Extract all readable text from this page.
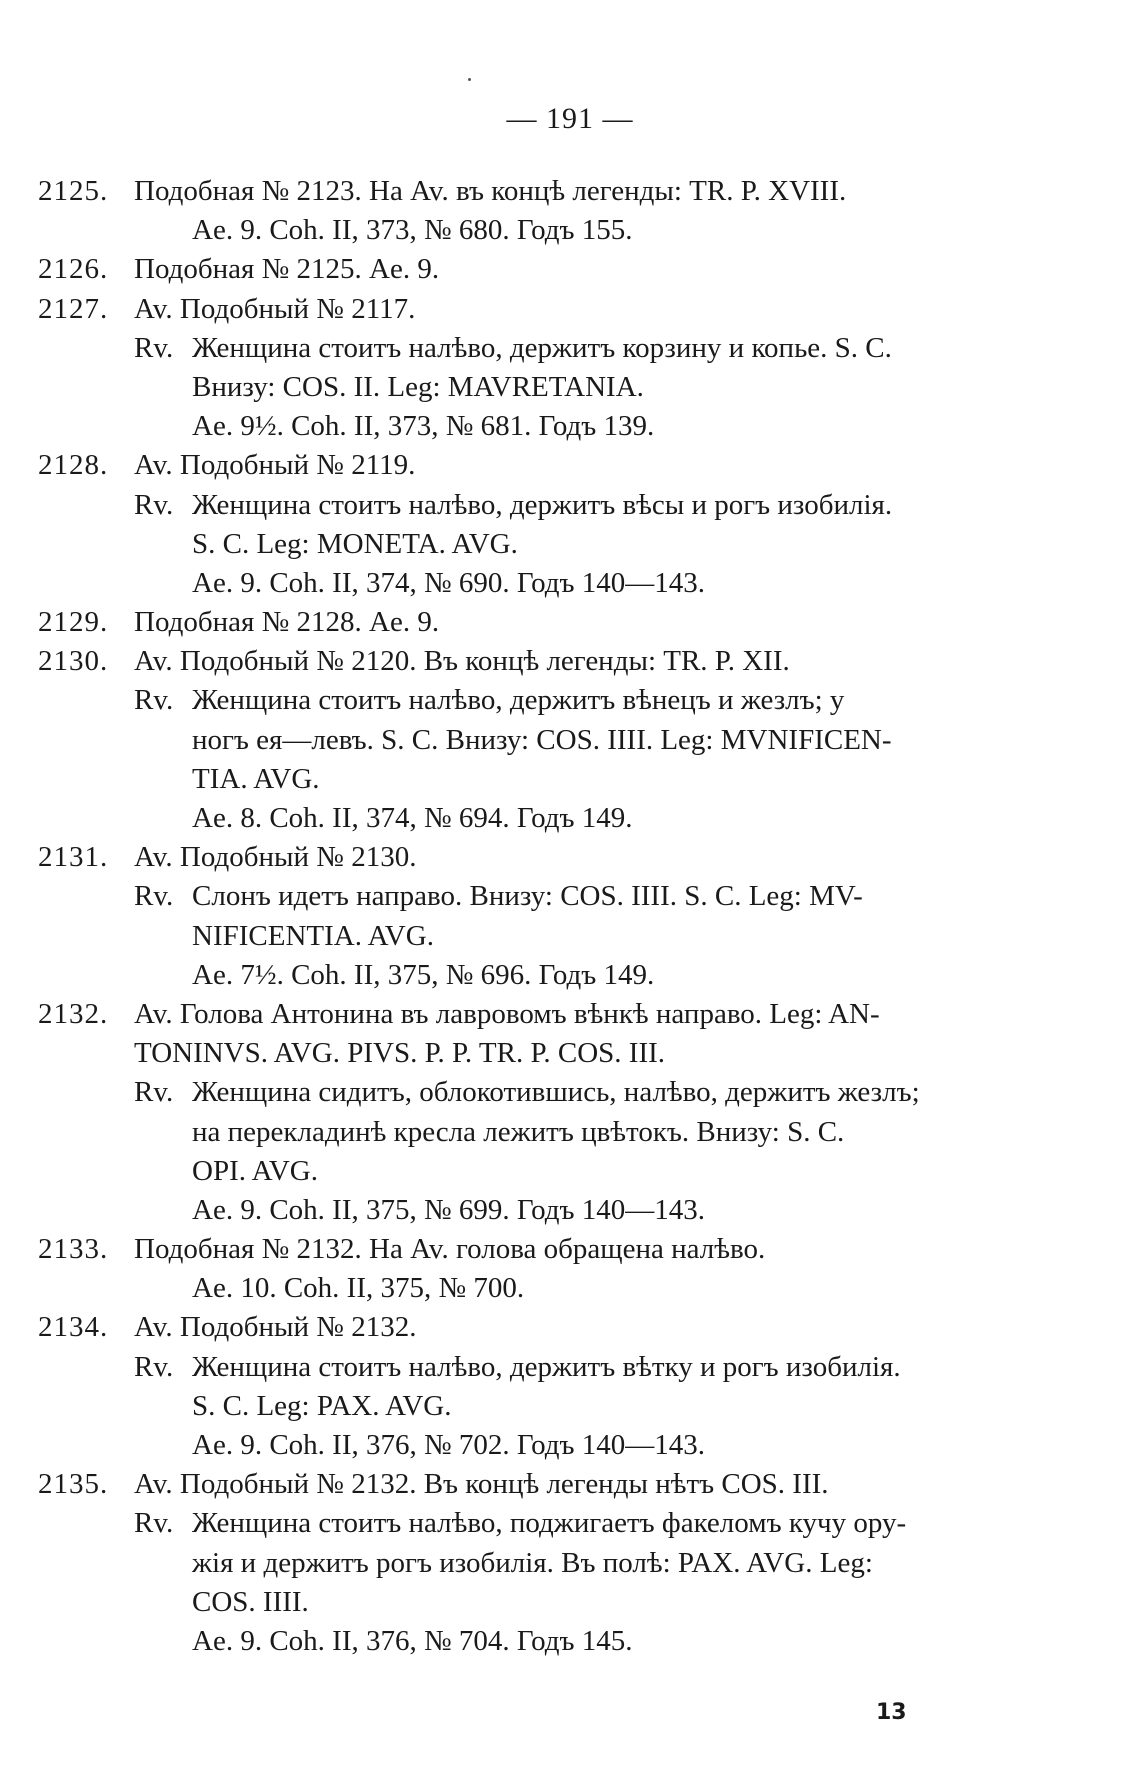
— 191 —
2125. Подобная № 2123. На Av. въ концѣ легенды: TR. P. XVIII.
Ae. 9. Coh. II, 373, № 680. Годъ 155.
2126. Подобная № 2125. Ae. 9.
2127. Av. Подобный № 2117.
Rv. Женщина стоитъ налѣво, держитъ корзину и копье. S. C.
Внизу: COS. II. Leg: MAVRETANIA.
Ae. 9½. Coh. II, 373, № 681. Годъ 139.
2128. Av. Подобный № 2119.
Rv. Женщина стоитъ налѣво, держитъ вѣсы и рогъ изобилія.
S. C. Leg: MONETA. AVG.
Ae. 9. Coh. II, 374, № 690. Годъ 140—143.
2129. Подобная № 2128. Ae. 9.
2130. Av. Подобный № 2120. Въ концѣ легенды: TR. P. XII.
Rv. Женщина стоитъ налѣво, держитъ вѣнецъ и жезлъ; у
ногъ ея—левъ. S. C. Внизу: COS. IIII. Leg: MVNIFICEN-
TIA. AVG.
Ae. 8. Coh. II, 374, № 694. Годъ 149.
2131. Av. Подобный № 2130.
Rv. Слонъ идетъ направо. Внизу: COS. IIII. S. C. Leg: MV-
NIFICENTIA. AVG.
Ae. 7½. Coh. II, 375, № 696. Годъ 149.
2132. Av. Голова Антонина въ лавровомъ вѣнкѣ направо. Leg: AN-
TONINVS. AVG. PIVS. P. P. TR. P. COS. III.
Rv. Женщина сидитъ, облокотившись, налѣво, держитъ жезлъ;
на перекладинѣ кресла лежитъ цвѣтокъ. Внизу: S. C.
OPI. AVG.
Ae. 9. Coh. II, 375, № 699. Годъ 140—143.
2133. Подобная № 2132. На Av. голова обращена налѣво.
Ae. 10. Coh. II, 375, № 700.
2134. Av. Подобный № 2132.
Rv. Женщина стоитъ налѣво, держитъ вѣтку и рогъ изобилія.
S. C. Leg: PAX. AVG.
Ae. 9. Coh. II, 376, № 702. Годъ 140—143.
2135. Av. Подобный № 2132. Въ концѣ легенды нѣтъ COS. III.
Rv. Женщина стоитъ налѣво, поджигаетъ факеломъ кучу ору-
жія и держитъ рогъ изобилія. Въ полѣ: PAX. AVG. Leg:
COS. IIII.
Ae. 9. Coh. II, 376, № 704. Годъ 145.
13
